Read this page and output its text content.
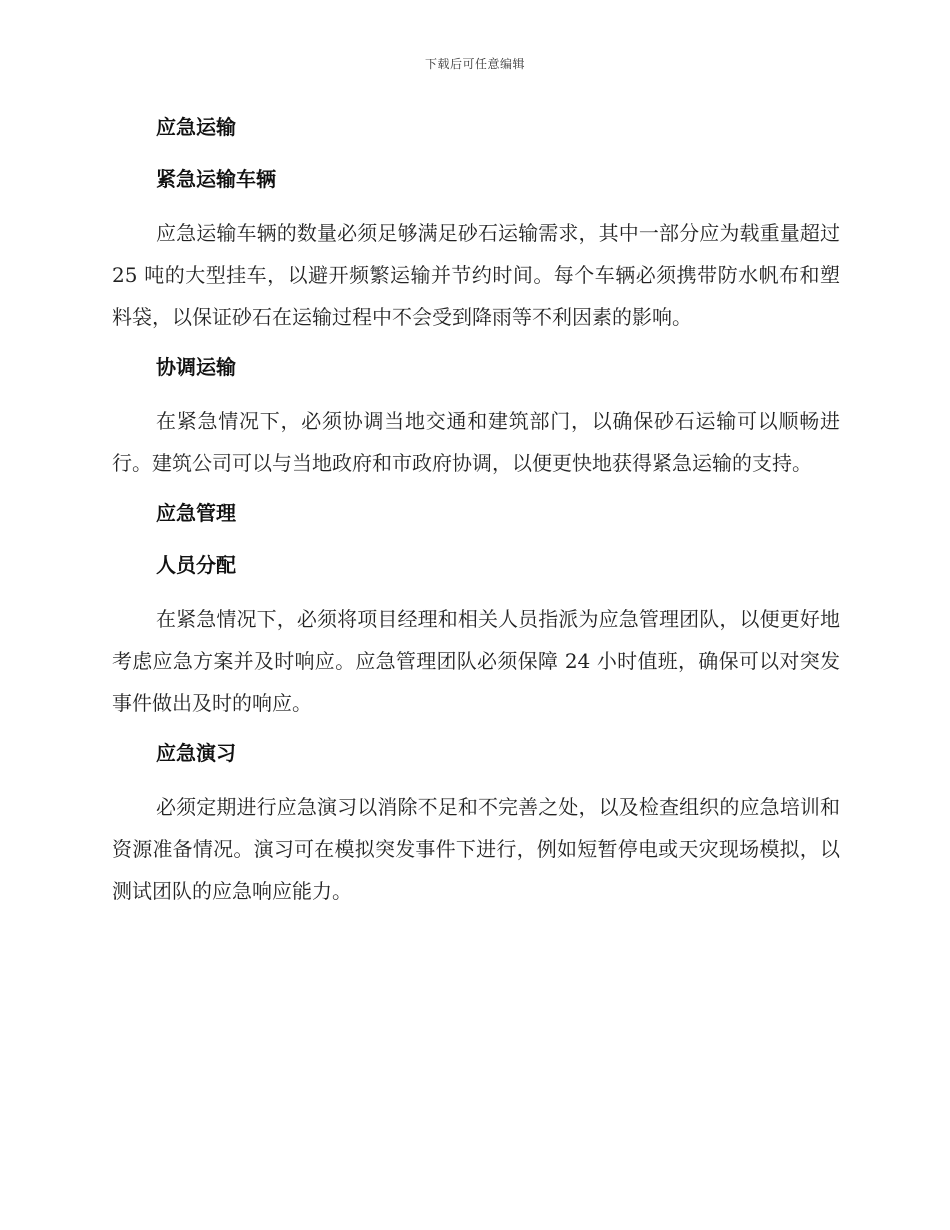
下载后可任意编辑
应急运输
紧急运输车辆

应急运输车辆的数量必须足够满足砂石运输需求，其中一部分应为载重量超过 25 吨的大型挂车，以避开频繁运输并节约时间。每个车辆必须携带防水帆布和塑料袋，以保证砂石在运输过程中不会受到降雨等不利因素的影响。

协调运输

在紧急情况下，必须协调当地交通和建筑部门，以确保砂石运输可以顺畅进行。建筑公司可以与当地政府和市政府协调，以便更快地获得紧急运输的支持。

应急管理
人员分配

在紧急情况下，必须将项目经理和相关人员指派为应急管理团队，以便更好地考虑应急方案并及时响应。应急管理团队必须保障 24 小时值班，确保可以对突发事件做出及时的响应。

应急演习

必须定期进行应急演习以消除不足和不完善之处，以及检查组织的应急培训和资源准备情况。演习可在模拟突发事件下进行，例如短暂停电或天灾现场模拟，以测试团队的应急响应能力。
